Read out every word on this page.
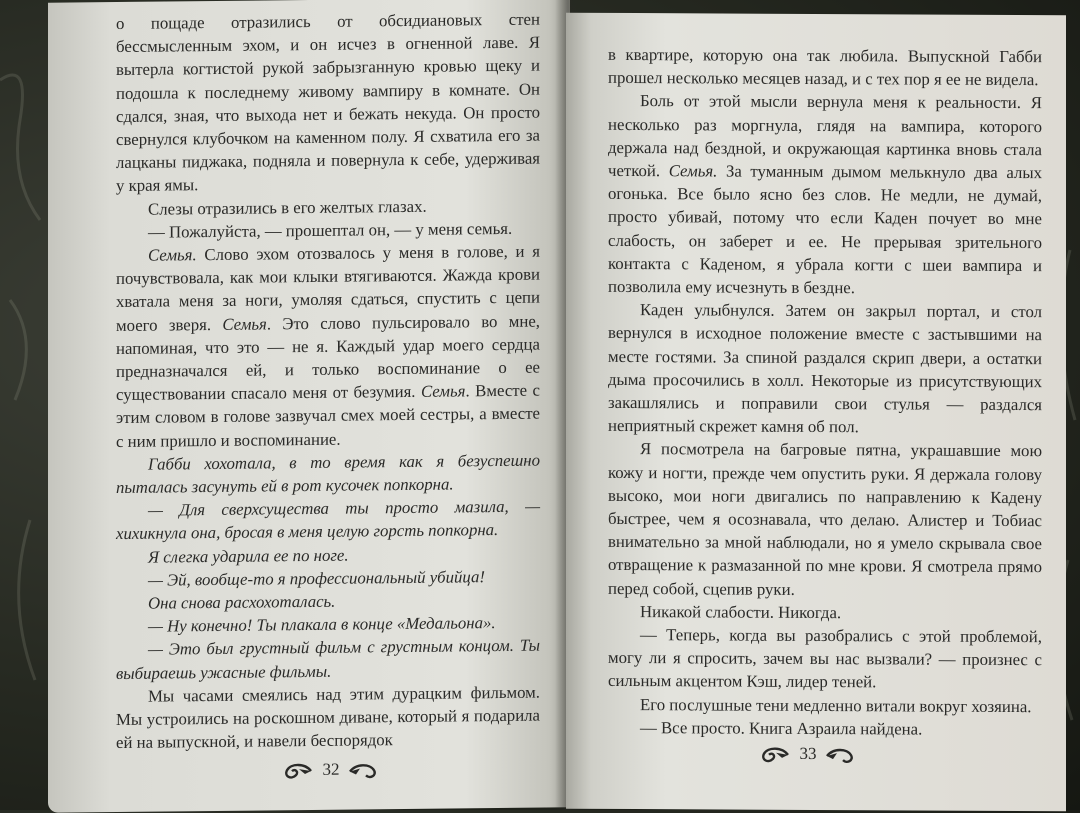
о пощаде отразились от обсидиановых стен бессмысленным эхом, и он исчез в огненной лаве. Я вытерла когтистой рукой забрызганную кровью щеку и подошла к последнему живому вампиру в комнате. Он сдался, зная, что выхода нет и бежать некуда. Он просто свернулся клубочком на каменном полу. Я схватила его за лацканы пиджака, подняла и повернула к себе, удерживая у края ямы.

Слезы отразились в его желтых глазах.

— Пожалуйста, — прошептал он, — у меня семья.

Семья. Слово эхом отозвалось у меня в голове, и я почувствовала, как мои клыки втягиваются. Жажда крови хватала меня за ноги, умоляя сдаться, спустить с цепи моего зверя. Семья. Это слово пульсировало во мне, напоминая, что это — не я. Каждый удар моего сердца предназначался ей, и только воспоминание о ее существовании спасало меня от безумия. Семья. Вместе с этим словом в голове зазвучал смех моей сестры, а вместе с ним пришло и воспоминание.

Габби хохотала, в то время как я безуспешно пыталась засунуть ей в рот кусочек попкорна.

— Для сверхсущества ты просто мазила, — хихикнула она, бросая в меня целую горсть попкорна.

Я слегка ударила ее по ноге.

— Эй, вообще-то я профессиональный убийца!

Она снова расхохоталась.

— Ну конечно! Ты плакала в конце «Медальона».

— Это был грустный фильм с грустным концом. Ты выбираешь ужасные фильмы.

Мы часами смеялись над этим дурацким фильмом. Мы устроились на роскошном диване, который я подарила ей на выпускной, и навели беспорядок

32

в квартире, которую она так любила. Выпускной Габби прошел несколько месяцев назад, и с тех пор я ее не видела.

Боль от этой мысли вернула меня к реальности. Я несколько раз моргнула, глядя на вампира, которого держала над бездной, и окружающая картинка вновь стала четкой. Семья. За туманным дымом мелькнуло два алых огонька. Все было ясно без слов. Не медли, не думай, просто убивай, потому что если Каден почует во мне слабость, он заберет и ее. Не прерывая зрительного контакта с Каденом, я убрала когти с шеи вампира и позволила ему исчезнуть в бездне.

Каден улыбнулся. Затем он закрыл портал, и стол вернулся в исходное положение вместе с застывшими на месте гостями. За спиной раздался скрип двери, а остатки дыма просочились в холл. Некоторые из присутствующих закашлялись и поправили свои стулья — раздался неприятный скрежет камня об пол.

Я посмотрела на багровые пятна, украшавшие мою кожу и ногти, прежде чем опустить руки. Я держала голову высоко, мои ноги двигались по направлению к Кадену быстрее, чем я осознавала, что делаю. Алистер и Тобиас внимательно за мной наблюдали, но я умело скрывала свое отвращение к размазанной по мне крови. Я смотрела прямо перед собой, сцепив руки.

Никакой слабости. Никогда.

— Теперь, когда вы разобрались с этой проблемой, могу ли я спросить, зачем вы нас вызвали? — произнес с сильным акцентом Кэш, лидер теней.

Его послушные тени медленно витали вокруг хозяина.

— Все просто. Книга Азраила найдена.

33
